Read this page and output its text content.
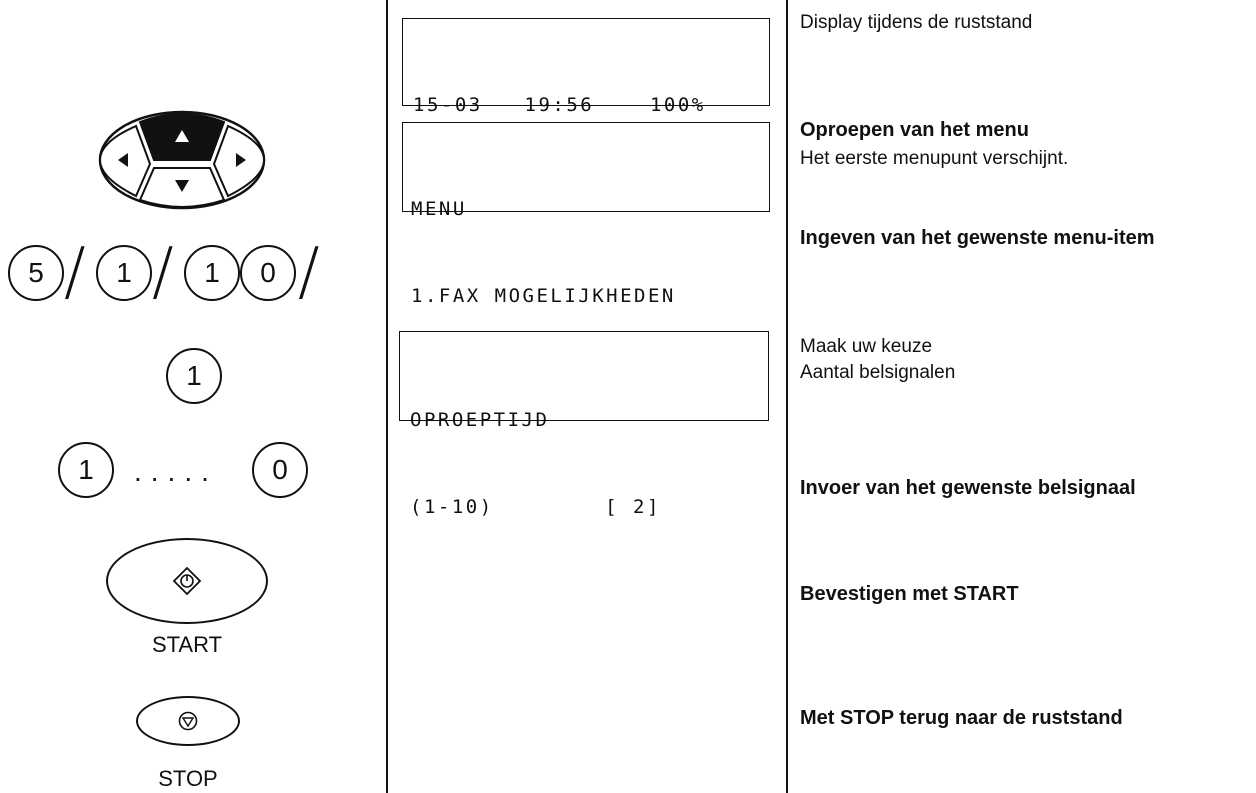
5 /	1 /	1	0 /
1
1	.....	0
START
STOP

15-03   19:56    100%

MENU

1.FAX MOGELIJKHEDEN

OPROEPTIJD

(1-10)        [ 2]

Display tijdens de ruststand
Oproepen van het menu
Het eerste menupunt verschijnt.
Ingeven van het gewenste menu-item
Maak uw keuze
Aantal belsignalen
Invoer van het gewenste belsignaal
Bevestigen met START
Met STOP terug naar de ruststand
